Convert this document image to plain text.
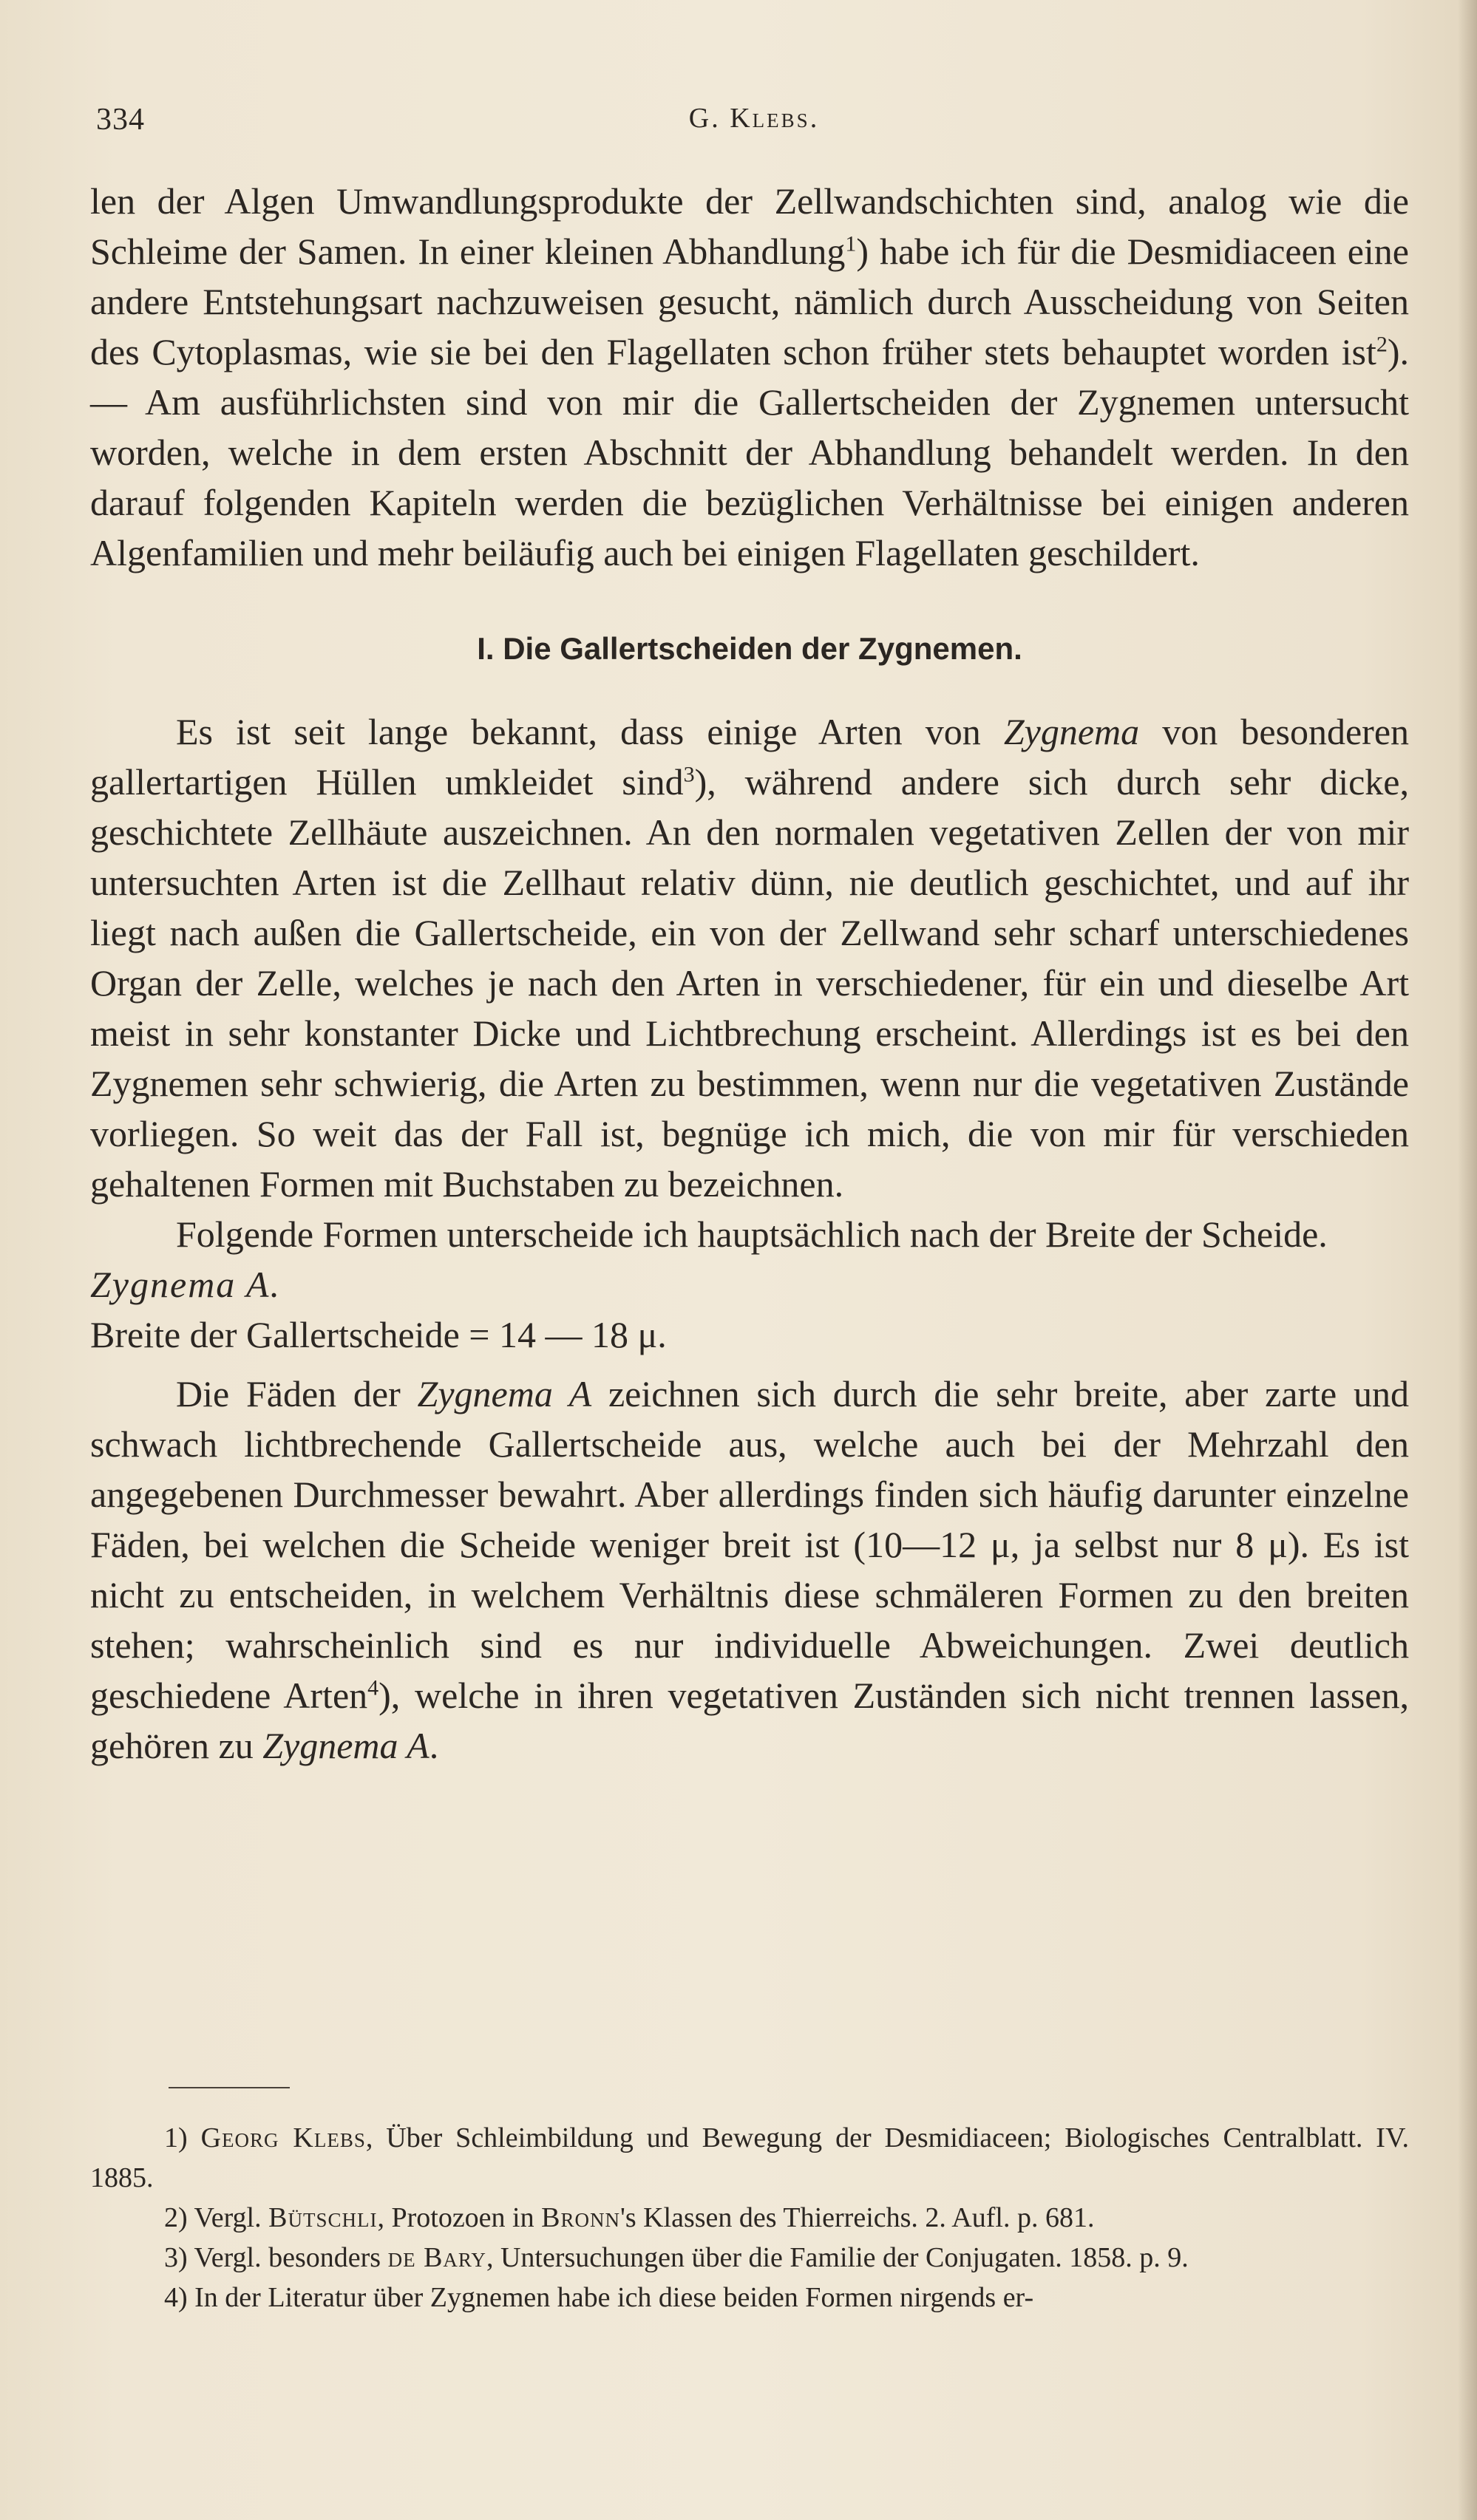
334	G. Klebs.

len der Algen Umwandlungsprodukte der Zellwandschichten sind, analog wie die Schleime der Samen. In einer kleinen Abhandlung$^1$) habe ich für die Desmidiaceen eine andere Entstehungsart nachzuweisen gesucht, nämlich durch Ausscheidung von Seiten des Cytoplasmas, wie sie bei den Flagellaten schon früher stets behauptet worden ist$^2$). — Am ausführlichsten sind von mir die Gallertscheiden der Zygnemen untersucht worden, welche in dem ersten Abschnitt der Abhandlung behandelt werden. In den darauf folgenden Kapiteln werden die bezüglichen Verhältnisse bei einigen anderen Algenfamilien und mehr beiläufig auch bei einigen Flagellaten geschildert.

I. Die Gallertscheiden der Zygnemen.

Es ist seit lange bekannt, dass einige Arten von Zygnema von besonderen gallertartigen Hüllen umkleidet sind$^3$), während andere sich durch sehr dicke, geschichtete Zellhäute auszeichnen. An den normalen vegetativen Zellen der von mir untersuchten Arten ist die Zellhaut relativ dünn, nie deutlich geschichtet, und auf ihr liegt nach außen die Gallertscheide, ein von der Zellwand sehr scharf unterschiedenes Organ der Zelle, welches je nach den Arten in verschiedener, für ein und dieselbe Art meist in sehr konstanter Dicke und Lichtbrechung erscheint. Allerdings ist es bei den Zygnemen sehr schwierig, die Arten zu bestimmen, wenn nur die vegetativen Zustände vorliegen. So weit das der Fall ist, begnüge ich mich, die von mir für verschieden gehaltenen Formen mit Buchstaben zu bezeichnen.

Folgende Formen unterscheide ich hauptsächlich nach der Breite der Scheide.

Zygnema A.

Breite der Gallertscheide = 14 — 18 μ.

Die Fäden der Zygnema A zeichnen sich durch die sehr breite, aber zarte und schwach lichtbrechende Gallertscheide aus, welche auch bei der Mehrzahl den angegebenen Durchmesser bewahrt. Aber allerdings finden sich häufig darunter einzelne Fäden, bei welchen die Scheide weniger breit ist (10—12 μ, ja selbst nur 8 μ). Es ist nicht zu entscheiden, in welchem Verhältnis diese schmäleren Formen zu den breiten stehen; wahrscheinlich sind es nur individuelle Abweichungen. Zwei deutlich geschiedene Arten$^4$), welche in ihren vegetativen Zuständen sich nicht trennen lassen, gehören zu Zygnema A.

1) Georg Klebs, Über Schleimbildung und Bewegung der Desmidiaceen; Biologisches Centralblatt. IV. 1885.

2) Vergl. Bütschli, Protozoen in Bronn's Klassen des Thierreichs. 2. Aufl. p. 681.

3) Vergl. besonders de Bary, Untersuchungen über die Familie der Conjugaten. 1858. p. 9.

4) In der Literatur über Zygnemen habe ich diese beiden Formen nirgends er-
